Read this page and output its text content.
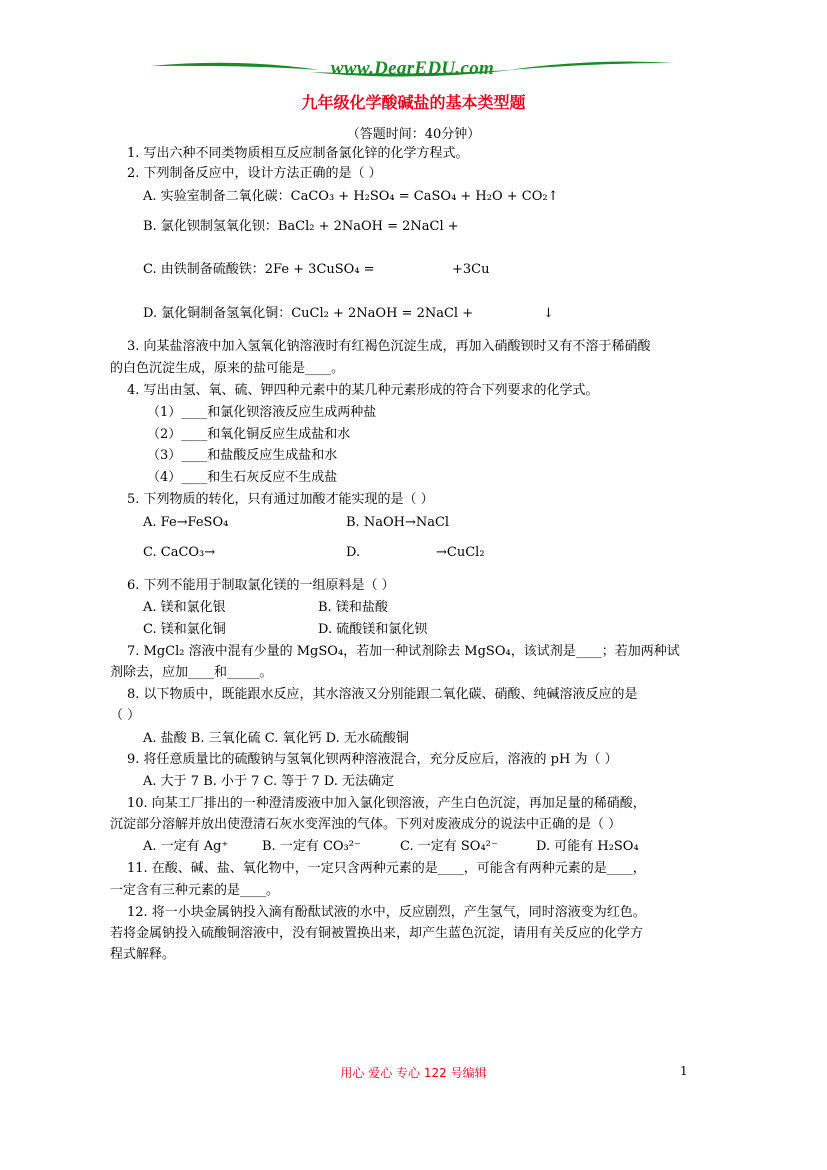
www.DearEDU.com
九年级化学酸碱盐的基本类型题
（答题时间：40分钟）
1. 写出六种不同类物质相互反应制备氯化锌的化学方程式。
2. 下列制备反应中，设计方法正确的是（ ）
A. 实验室制备二氧化碳：CaCO₃ + H₂SO₄ = CaSO₄ + H₂O + CO₂↑
B. 氯化钡制氢氧化钡：BaCl₂ + 2NaOH = 2NaCl +
C. 由铁制备硫酸铁：2Fe + 3CuSO₄ =	+3Cu
D. 氯化铜制备氢氧化铜：CuCl₂ + 2NaOH = 2NaCl +	↓
3. 向某盐溶液中加入氢氧化钠溶液时有红褐色沉淀生成，再加入硝酸钡时又有不溶于稀硝酸
的白色沉淀生成，原来的盐可能是____。
4. 写出由氢、氧、硫、钾四种元素中的某几种元素形成的符合下列要求的化学式。
（1）____和氯化钡溶液反应生成两种盐
（2）____和氧化铜反应生成盐和水
（3）____和盐酸反应生成盐和水
（4）____和生石灰反应不生成盐
5. 下列物质的转化，只有通过加酸才能实现的是（ ）
A. Fe→FeSO₄	B. NaOH→NaCl
C. CaCO₃→	D.	→CuCl₂
6. 下列不能用于制取氯化镁的一组原料是（ ）
A. 镁和氯化银	B. 镁和盐酸
C. 镁和氯化铜	D. 硫酸镁和氯化钡
7. MgCl₂ 溶液中混有少量的 MgSO₄，若加一种试剂除去 MgSO₄，该试剂是____；若加两种试
剂除去，应加____和_____。
8. 以下物质中，既能跟水反应，其水溶液又分别能跟二氧化碳、硝酸、纯碱溶液反应的是
（ ）
A. 盐酸 B. 三氧化硫 C. 氧化钙 D. 无水硫酸铜
9. 将任意质量比的硫酸钠与氢氧化钡两种溶液混合，充分反应后，溶液的 pH 为（ ）
A. 大于 7 B. 小于 7 C. 等于 7 D. 无法确定
10. 向某工厂排出的一种澄清废液中加入氯化钡溶液，产生白色沉淀，再加足量的稀硝酸，
沉淀部分溶解并放出使澄清石灰水变浑浊的气体。下列对废液成分的说法中正确的是（ ）
A. 一定有 Ag⁺	B. 一定有 CO₃²⁻	C. 一定有 SO₄²⁻	D. 可能有 H₂SO₄
11. 在酸、碱、盐、氧化物中，一定只含两种元素的是____，可能含有两种元素的是____，
一定含有三种元素的是____。
12. 将一小块金属钠投入滴有酚酞试液的水中，反应剧烈，产生氢气，同时溶液变为红色。
若将金属钠投入硫酸铜溶液中，没有铜被置换出来，却产生蓝色沉淀，请用有关反应的化学方
程式解释。
用心 爱心 专心 122 号编辑	1
